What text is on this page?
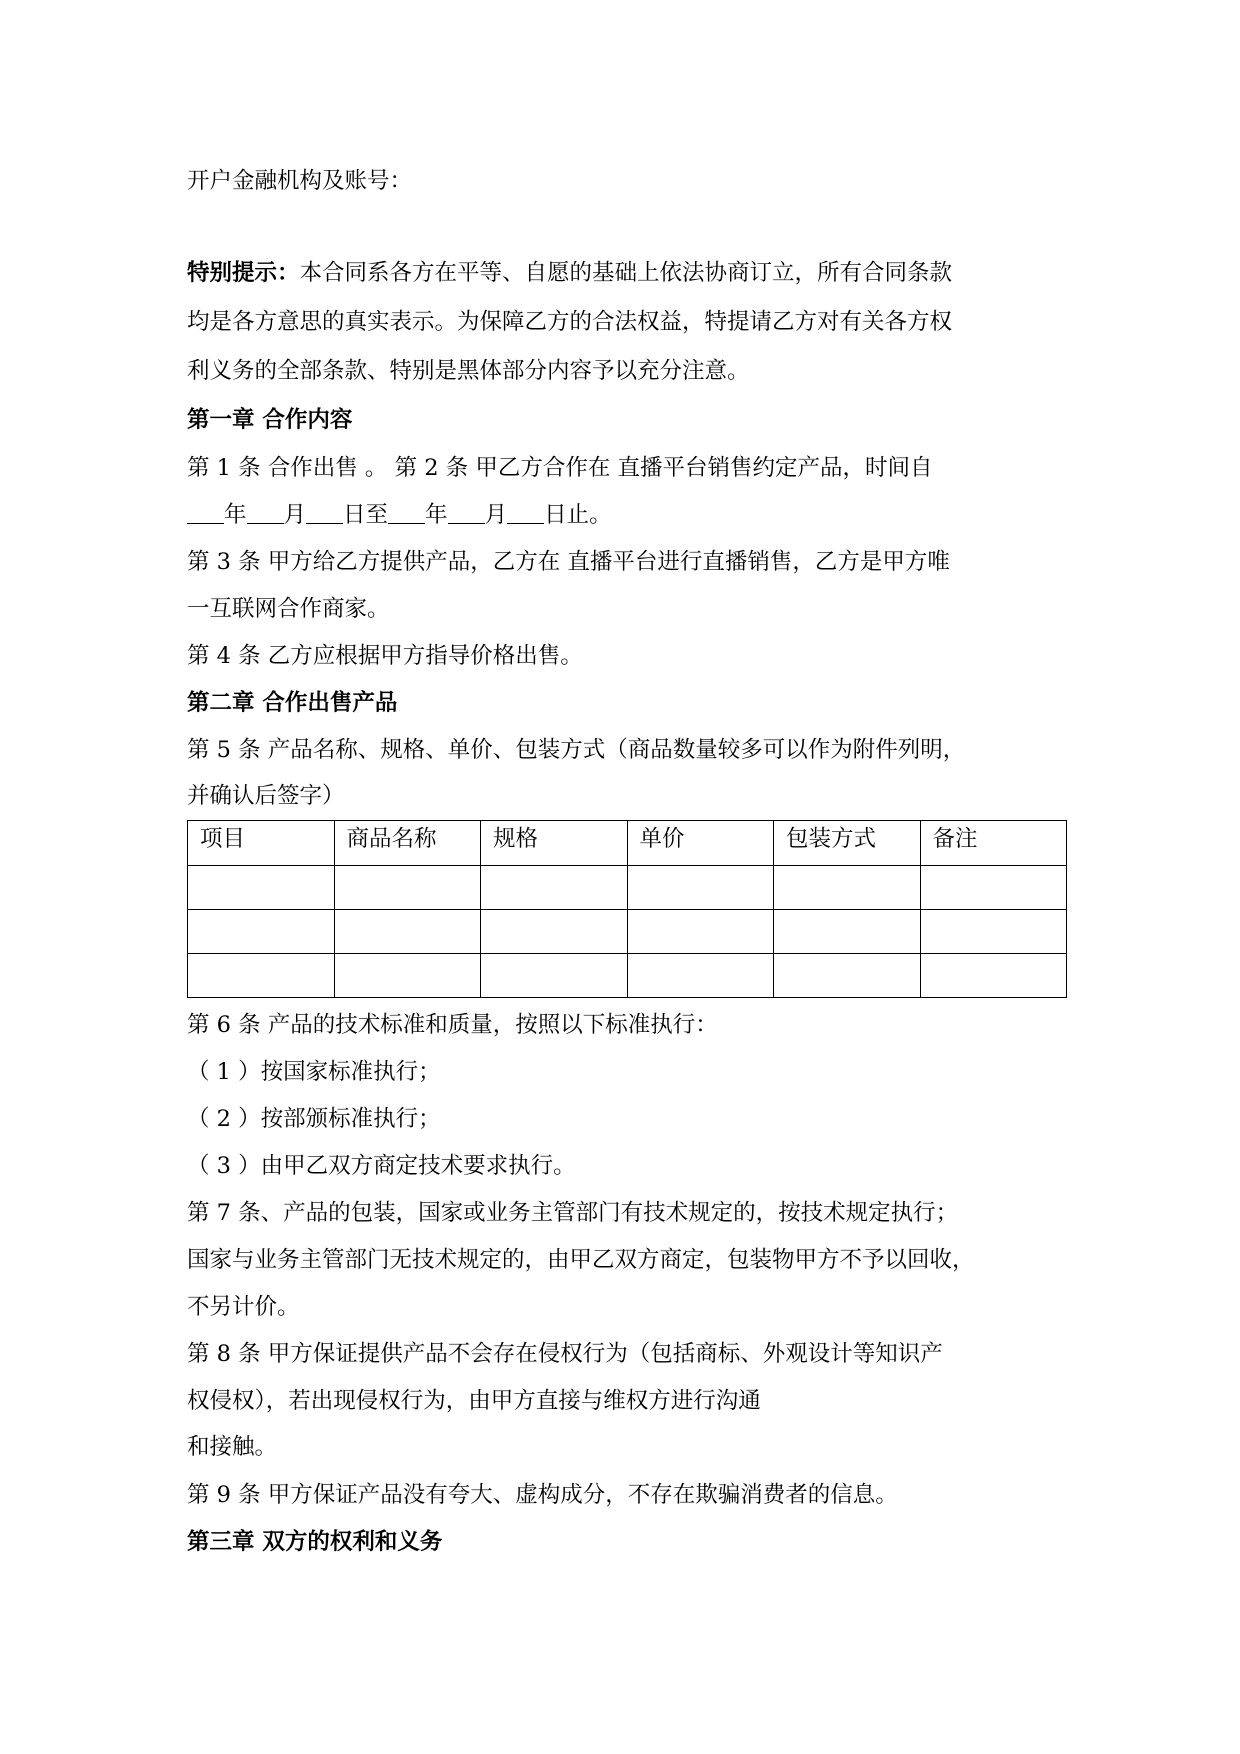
开户金融机构及账号：
特别提示：本合同系各方在平等、自愿的基础上依法协商订立，所有合同条款
均是各方意思的真实表示。为保障乙方的合法权益，特提请乙方对有关各方权
利义务的全部条款、特别是黑体部分内容予以充分注意。
第一章 合作内容
第 1 条 合作出售 。 第 2 条 甲乙方合作在 直播平台销售约定产品，时间自
年 月 日至 年 月 日止。
第 3 条 甲方给乙方提供产品，乙方在 直播平台进行直播销售，乙方是甲方唯
一互联网合作商家。
第 4 条 乙方应根据甲方指导价格出售。
第二章 合作出售产品
第 5 条 产品名称、规格、单价、包装方式（商品数量较多可以作为附件列明，
并确认后签字）
项目	商品名称	规格	单价	包装方式	备注

第 6 条 产品的技术标准和质量，按照以下标准执行：
（ 1 ）按国家标准执行；
（ 2 ）按部颁标准执行；
（ 3 ）由甲乙双方商定技术要求执行。
第 7 条、产品的包装，国家或业务主管部门有技术规定的，按技术规定执行；
国家与业务主管部门无技术规定的，由甲乙双方商定，包装物甲方不予以回收，
不另计价。
第 8 条 甲方保证提供产品不会存在侵权行为（包括商标、外观设计等知识产
权侵权），若出现侵权行为，由甲方直接与维权方进行沟通
和接触。
第 9 条 甲方保证产品没有夸大、虚构成分，不存在欺骗消费者的信息。
第三章 双方的权利和义务
